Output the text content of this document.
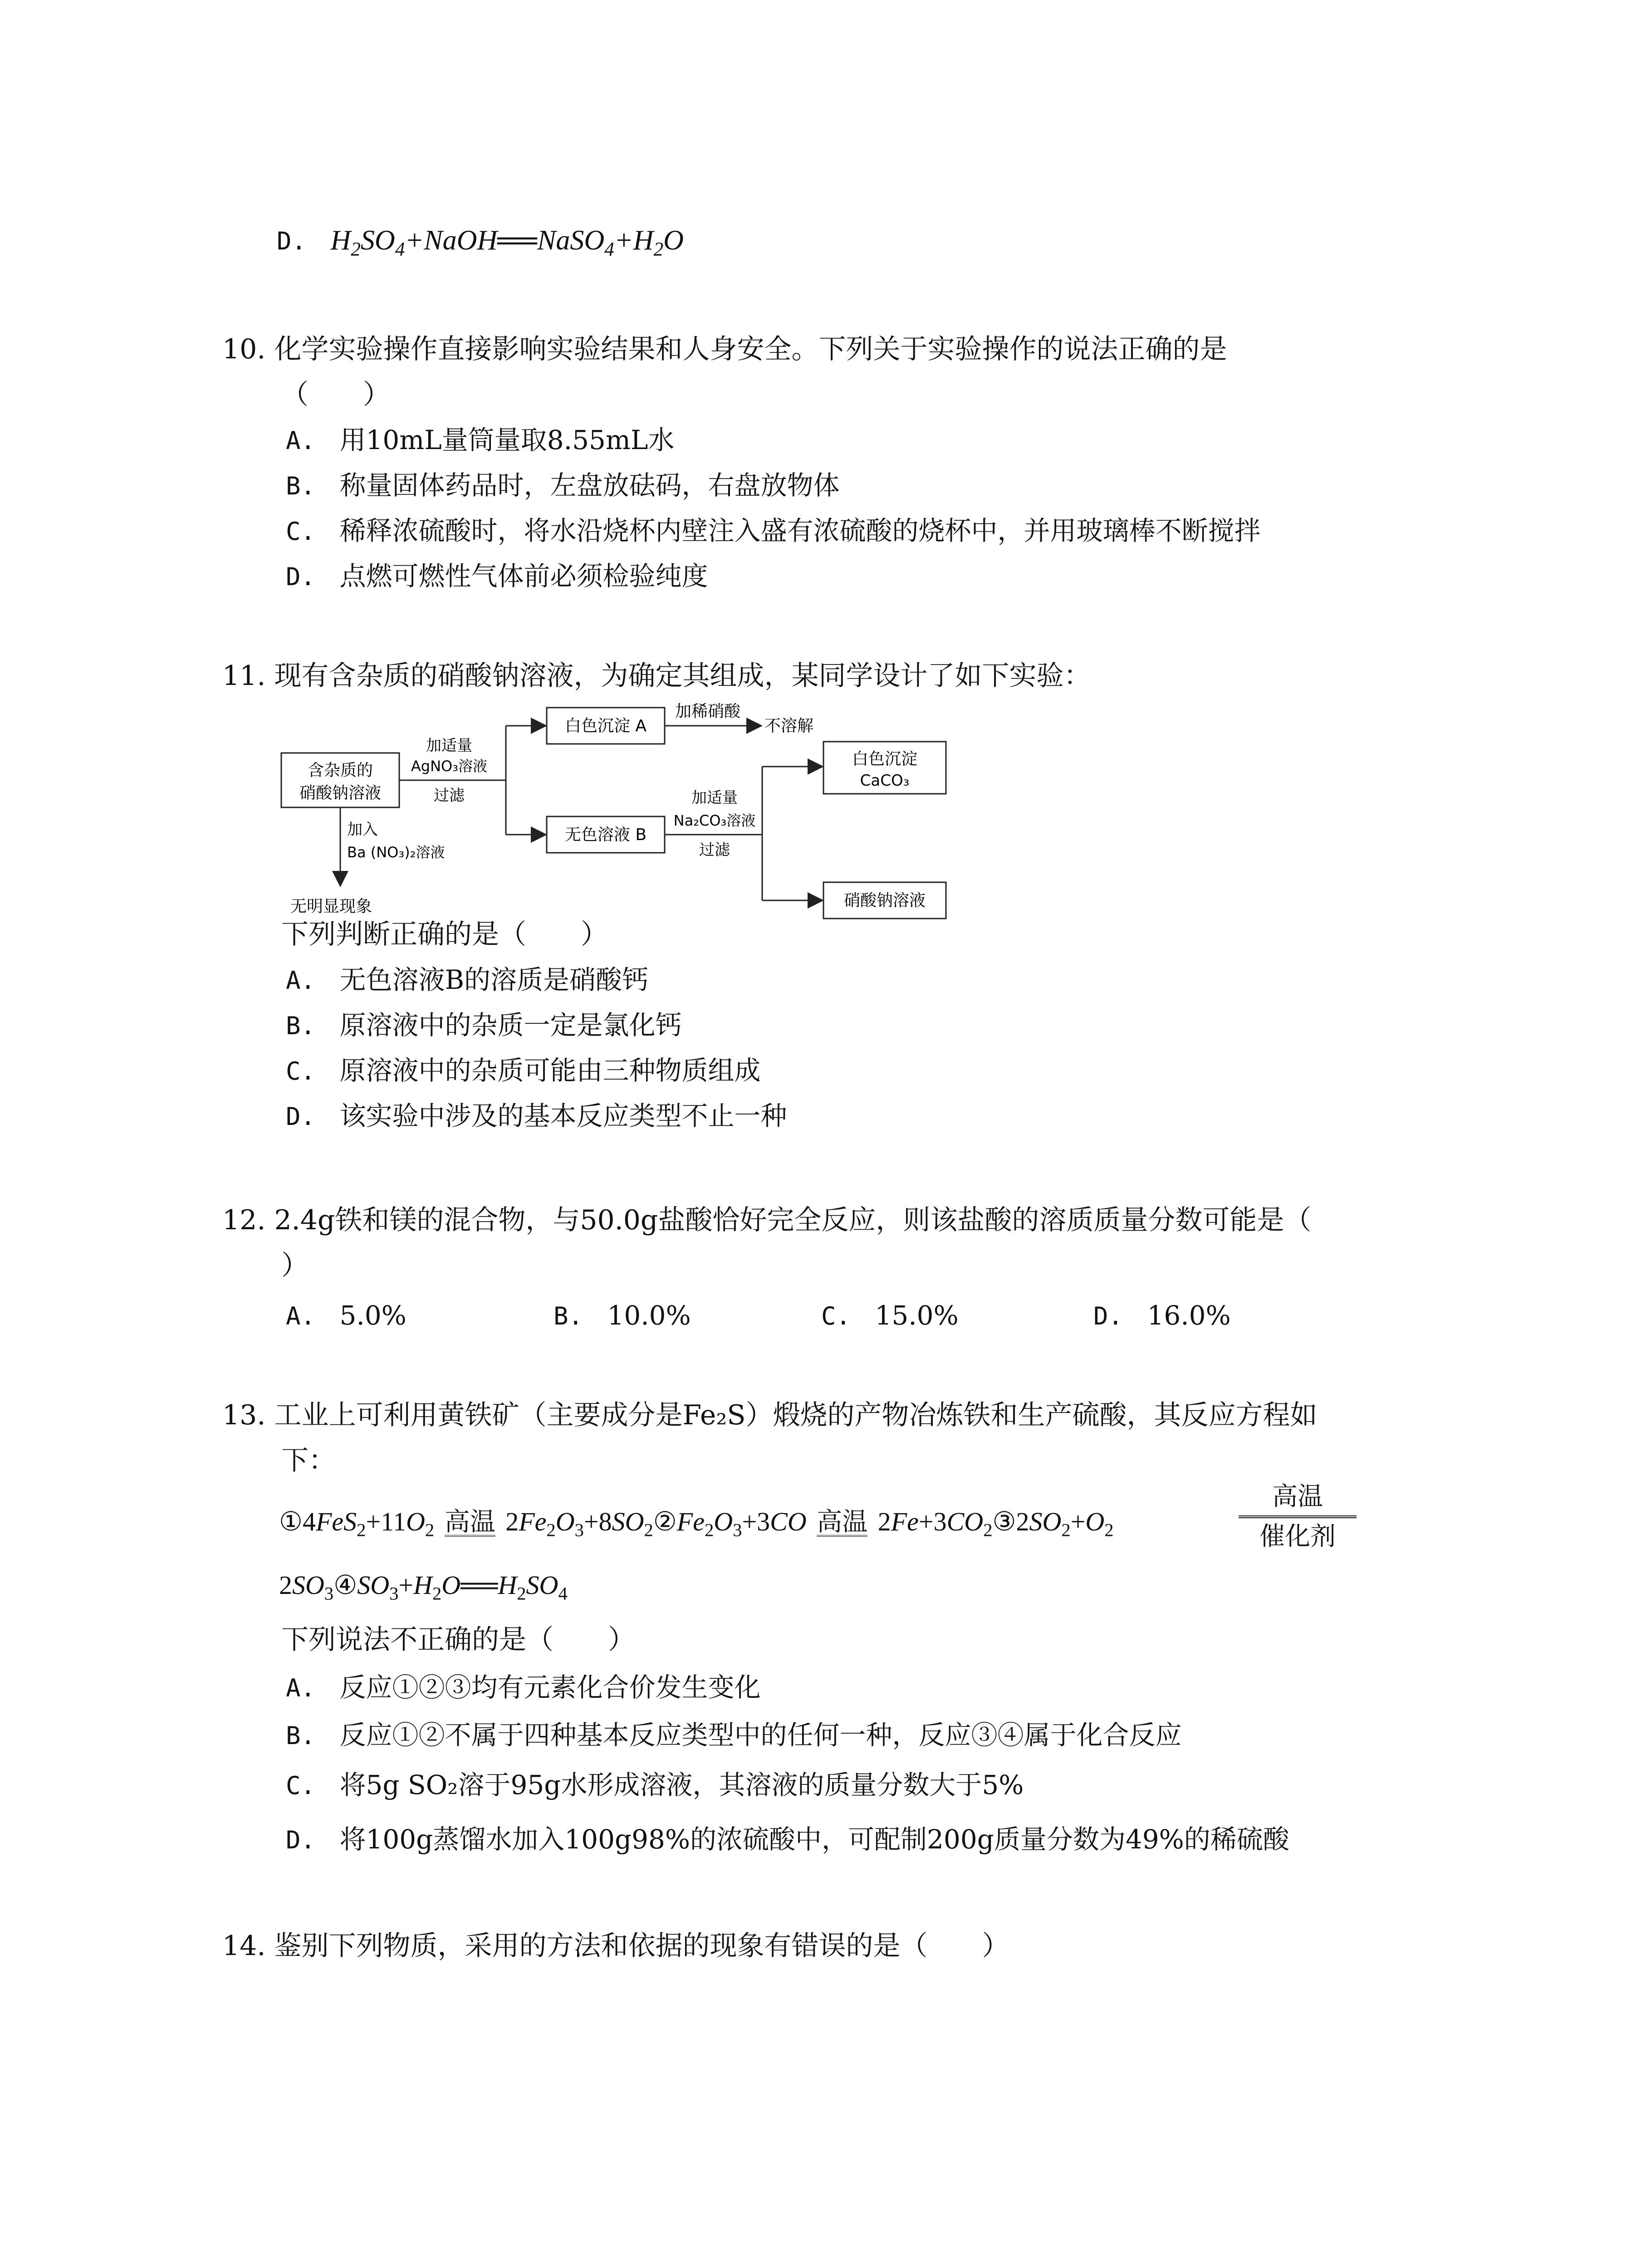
D. $H_2SO_4+NaOH══NaSO_4+H_2O$
10. 化学实验操作直接影响实验结果和人身安全。下列关于实验操作的说法正确的是
（　　）
A. 用10mL量筒量取8.55mL水
B. 称量固体药品时，左盘放砝码，右盘放物体
C. 稀释浓硫酸时，将水沿烧杯内壁注入盛有浓硫酸的烧杯中，并用玻璃棒不断搅拌
D. 点燃可燃性气体前必须检验纯度
11. 现有含杂质的硝酸钠溶液，为确定其组成，某同学设计了如下实验：
含杂质的
硝酸钠溶液
加适量
AgNO₃溶液
过滤
白色沉淀 A
加稀硝酸
不溶解
无色溶液 B
加适量
Na₂CO₃溶液
过滤
白色沉淀
CaCO₃
硝酸钠溶液
加入
Ba (NO₃)₂溶液
无明显现象
下列判断正确的是（　　）
A. 无色溶液B的溶质是硝酸钙
B. 原溶液中的杂质一定是氯化钙
C. 原溶液中的杂质可能由三种物质组成
D. 该实验中涉及的基本反应类型不止一种
12. 2.4g铁和镁的混合物，与50.0g盐酸恰好完全反应，则该盐酸的溶质质量分数可能是（
）
A. 5.0%	B. 10.0%	C. 15.0%	D. 16.0%
13. 工业上可利用黄铁矿（主要成分是Fe₂S）煅烧的产物冶炼铁和生产硫酸，其反应方程如
下：
$①4FeS_2+11O_2$ 高温 $2Fe_2O_3+8SO_2②Fe_2O_3+3CO$ 高温 $2Fe+3CO_2③2SO_2+O_2$
高温
催化剂
$2SO_3④SO_3+H_2O══H_2SO_4$
下列说法不正确的是（　　）
A. 反应①②③均有元素化合价发生变化
B. 反应①②不属于四种基本反应类型中的任何一种，反应③④属于化合反应
C. 将5g SO₂溶于95g水形成溶液，其溶液的质量分数大于5%
D. 将100g蒸馏水加入100g98%的浓硫酸中，可配制200g质量分数为49%的稀硫酸
14. 鉴别下列物质，采用的方法和依据的现象有错误的是（　　）
